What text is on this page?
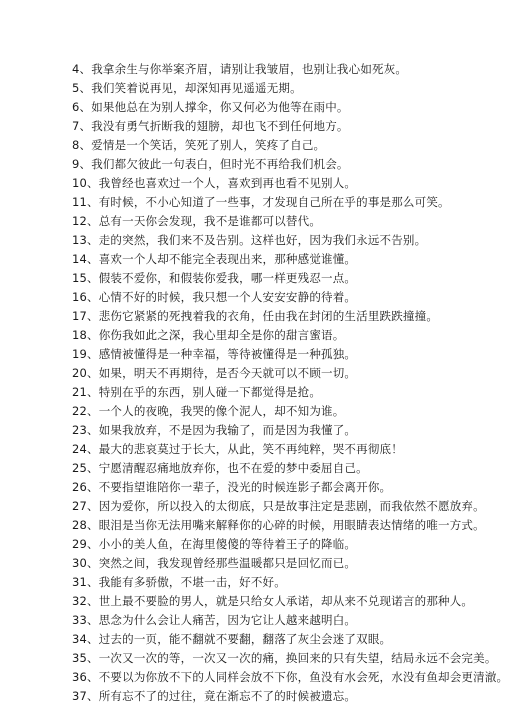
4、我拿余生与你举案齐眉，请别让我皱眉，也别让我心如死灰。
5、我们笑着说再见，却深知再见遥遥无期。
6、如果他总在为别人撑伞，你又何必为他等在雨中。
7、我没有勇气折断我的翅膀，却也飞不到任何地方。
8、爱情是一个笑话，笑死了别人，笑疼了自己。
9、我们都欠彼此一句表白，但时光不再给我们机会。
10、我曾经也喜欢过一个人，喜欢到再也看不见别人。
11、有时候，不小心知道了一些事，才发现自己所在乎的事是那么可笑。
12、总有一天你会发现，我不是谁都可以替代。
13、走的突然，我们来不及告别。这样也好，因为我们永远不告别。
14、喜欢一个人却不能完全表现出来，那种感觉谁懂。
15、假装不爱你，和假装你爱我，哪一样更残忍一点。
16、心情不好的时候，我只想一个人安安安静的待着。
17、悲伤它紧紧的死拽着我的衣角，任由我在封闭的生活里跌跌撞撞。
18、你伤我如此之深，我心里却全是你的甜言蜜语。
19、感情被懂得是一种幸福，等待被懂得是一种孤独。
20、如果，明天不再期待，是否今天就可以不顾一切。
21、特别在乎的东西，别人碰一下都觉得是抢。
22、一个人的夜晚，我哭的像个泥人，却不知为谁。
23、如果我放弃，不是因为我输了，而是因为我懂了。
24、最大的悲哀莫过于长大，从此，笑不再纯粹，哭不再彻底！
25、宁愿清醒忍痛地放弃你，也不在爱的梦中委屈自己。
26、不要指望谁陪你一辈子，没光的时候连影子都会离开你。
27、因为爱你，所以投入的太彻底，只是故事注定是悲剧，而我依然不愿放弃。
28、眼泪是当你无法用嘴来解释你的心碎的时候，用眼睛表达情绪的唯一方式。
29、小小的美人鱼，在海里傻傻的等待着王子的降临。
30、突然之间，我发现曾经那些温暖都只是回忆而已。
31、我能有多骄傲，不堪一击，好不好。
32、世上最不要脸的男人，就是只给女人承诺，却从来不兑现诺言的那种人。
33、思念为什么会让人痛苦，因为它让人越来越明白。
34、过去的一页，能不翻就不要翻，翻落了灰尘会迷了双眼。
35、一次又一次的等，一次又一次的痛，换回来的只有失望，结局永远不会完美。
36、不要以为你放不下的人同样会放不下你，鱼没有水会死，水没有鱼却会更清澈。
37、所有忘不了的过往，竟在渐忘不了的时候被遗忘。
